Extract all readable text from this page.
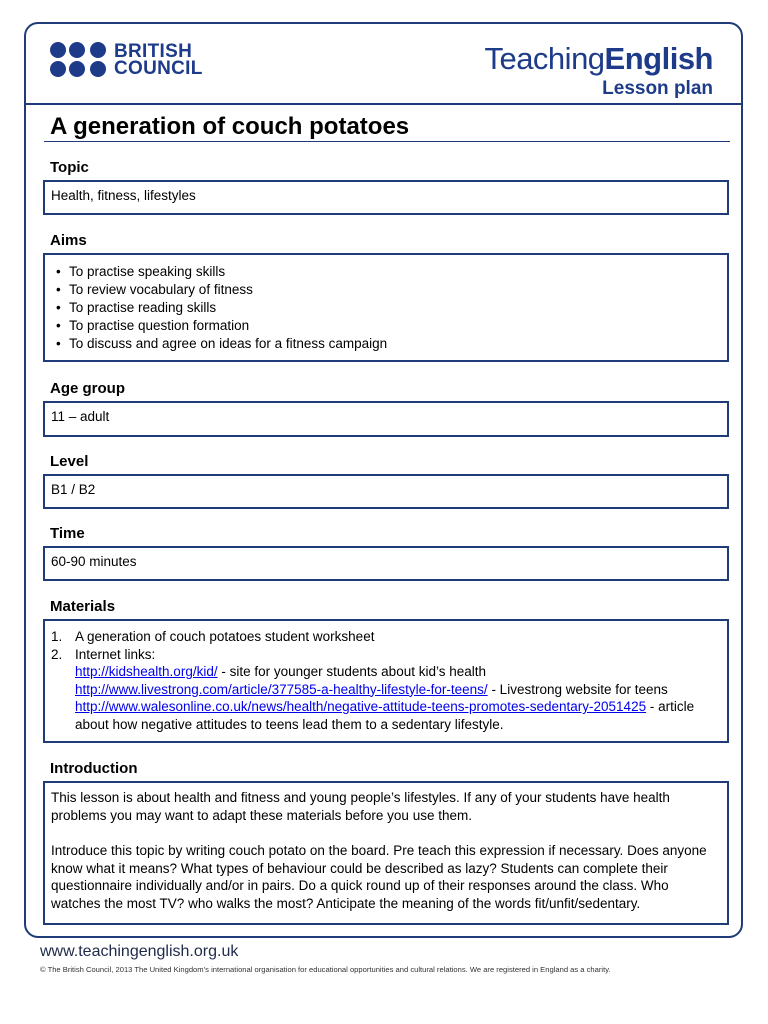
BRITISH
COUNCIL	TeachingEnglish
Lesson plan
A generation of couch potatoes
Topic
Health, fitness, lifestyles
Aims
• To practise speaking skills
• To review vocabulary of fitness
• To practise reading skills
• To practise question formation
• To discuss and agree on ideas for a fitness campaign
Age group
11 – adult
Level
B1 / B2
Time
60-90 minutes
Materials
1. A generation of couch potatoes student worksheet
2. Internet links:
http://kidshealth.org/kid/ - site for younger students about kid’s health
http://www.livestrong.com/article/377585-a-healthy-lifestyle-for-teens/ - Livestrong website for teens
http://www.walesonline.co.uk/news/health/negative-attitude-teens-promotes-sedentary-2051425 - article about how negative attitudes to teens lead them to a sedentary lifestyle.
Introduction

This lesson is about health and fitness and young people’s lifestyles. If any of your students have health problems you may want to adapt these materials before you use them.

Introduce this topic by writing couch potato on the board. Pre teach this expression if necessary. Does anyone know what it means? What types of behaviour could be described as lazy? Students can complete their questionnaire individually and/or in pairs. Do a quick round up of their responses around the class. Who watches the most TV? who walks the most? Anticipate the meaning of the words fit/unfit/sedentary.

www.teachingenglish.org.uk
© The British Council, 2013 The United Kingdom’s international organisation for educational opportunities and cultural relations. We are registered in England as a charity.
